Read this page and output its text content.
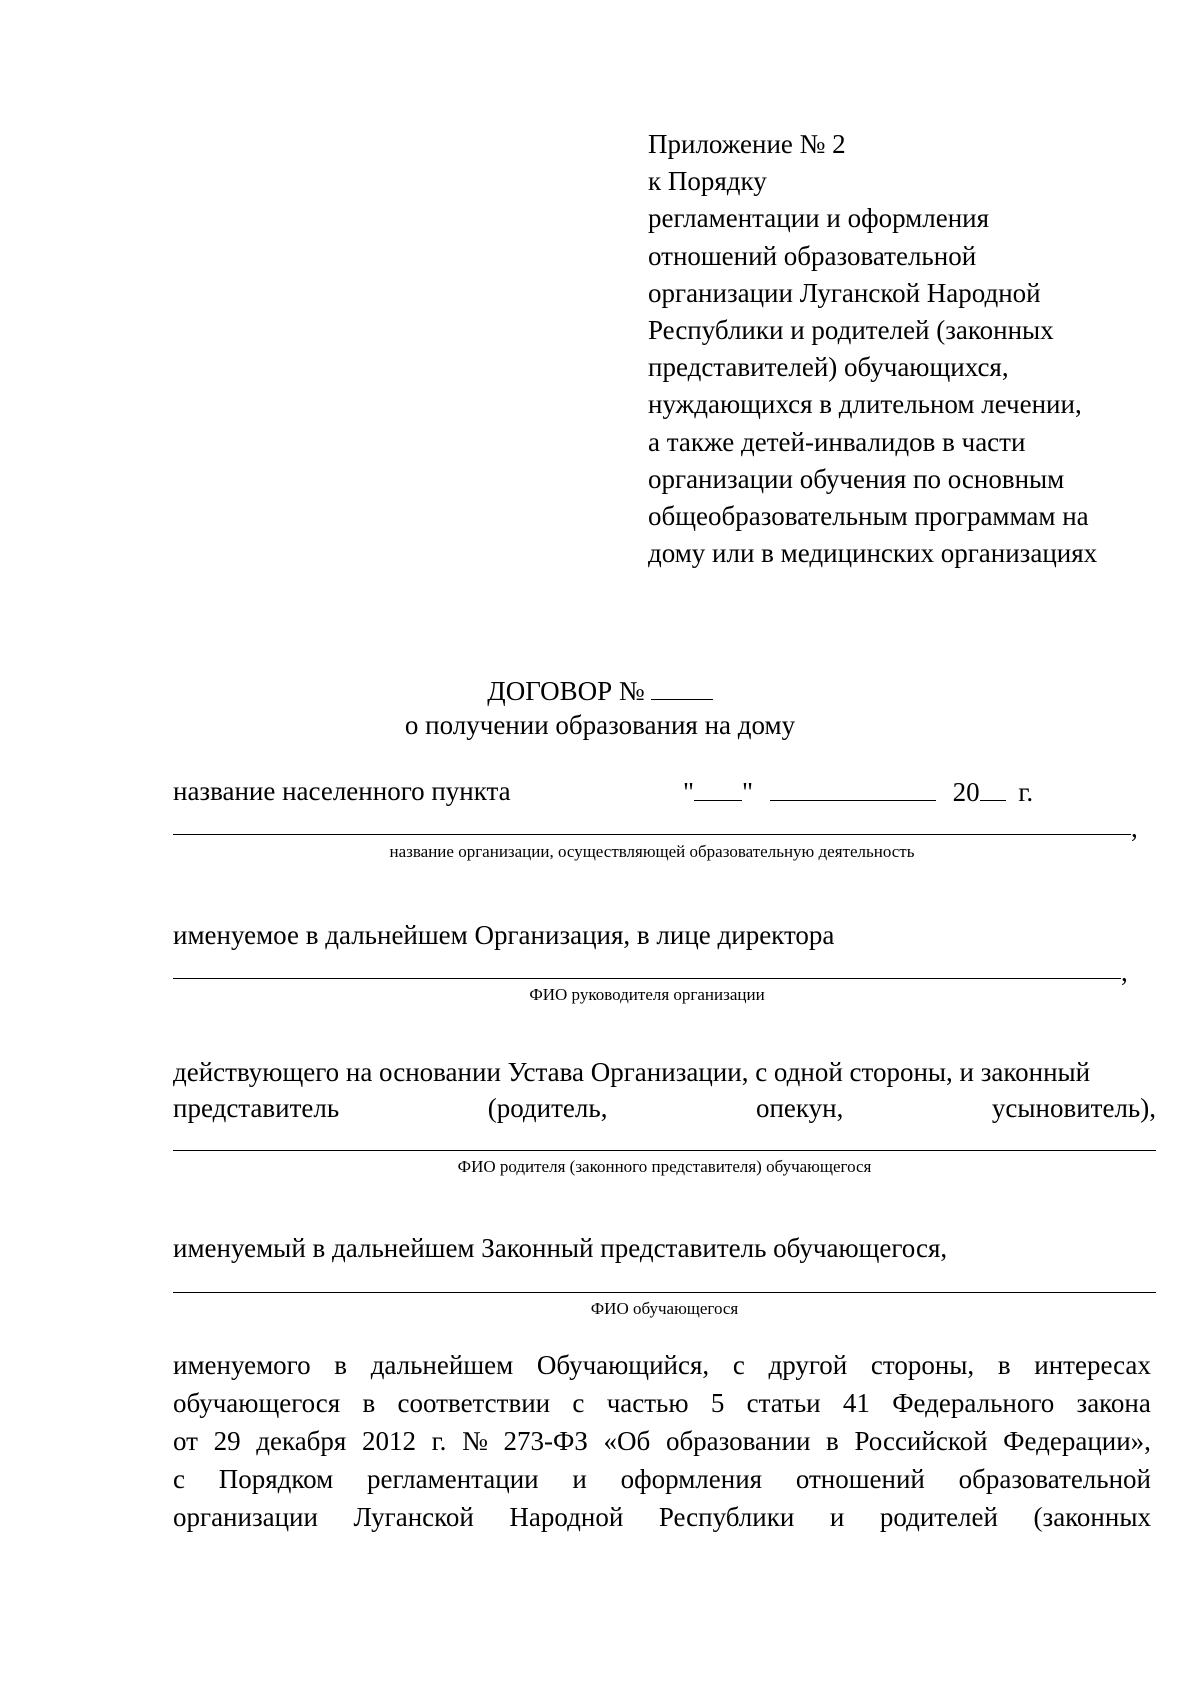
Приложение № 2
к Порядку
регламентации и оформления
отношений образовательной
организации Луганской Народной
Республики и родителей (законных
представителей) обучающихся,
нуждающихся в длительном лечении,
а также детей-инвалидов в части
организации обучения по основным
общеобразовательным программам на
дому или в медицинских организациях
ДОГОВОР №
о получении образования на дому
название населенного пункта	" "	20 г.
,
название организации, осуществляющей образовательную деятельность
именуемое в дальнейшем Организация, в лице директора
,
ФИО руководителя организации
действующего на основании Устава Организации, с одной стороны, и законный
представитель	(родитель,	опекун,	усыновитель),
ФИО родителя (законного представителя) обучающегося
именуемый в дальнейшем Законный представитель обучающегося,
ФИО обучающегося
именуемого в дальнейшем Обучающийся, с другой стороны, в интересах
обучающегося в соответствии с частью 5 статьи 41 Федерального закона
от 29 декабря 2012 г. № 273-ФЗ «Об образовании в Российской Федерации»,
с Порядком регламентации и оформления отношений образовательной
организации Луганской Народной Республики и родителей (законных
